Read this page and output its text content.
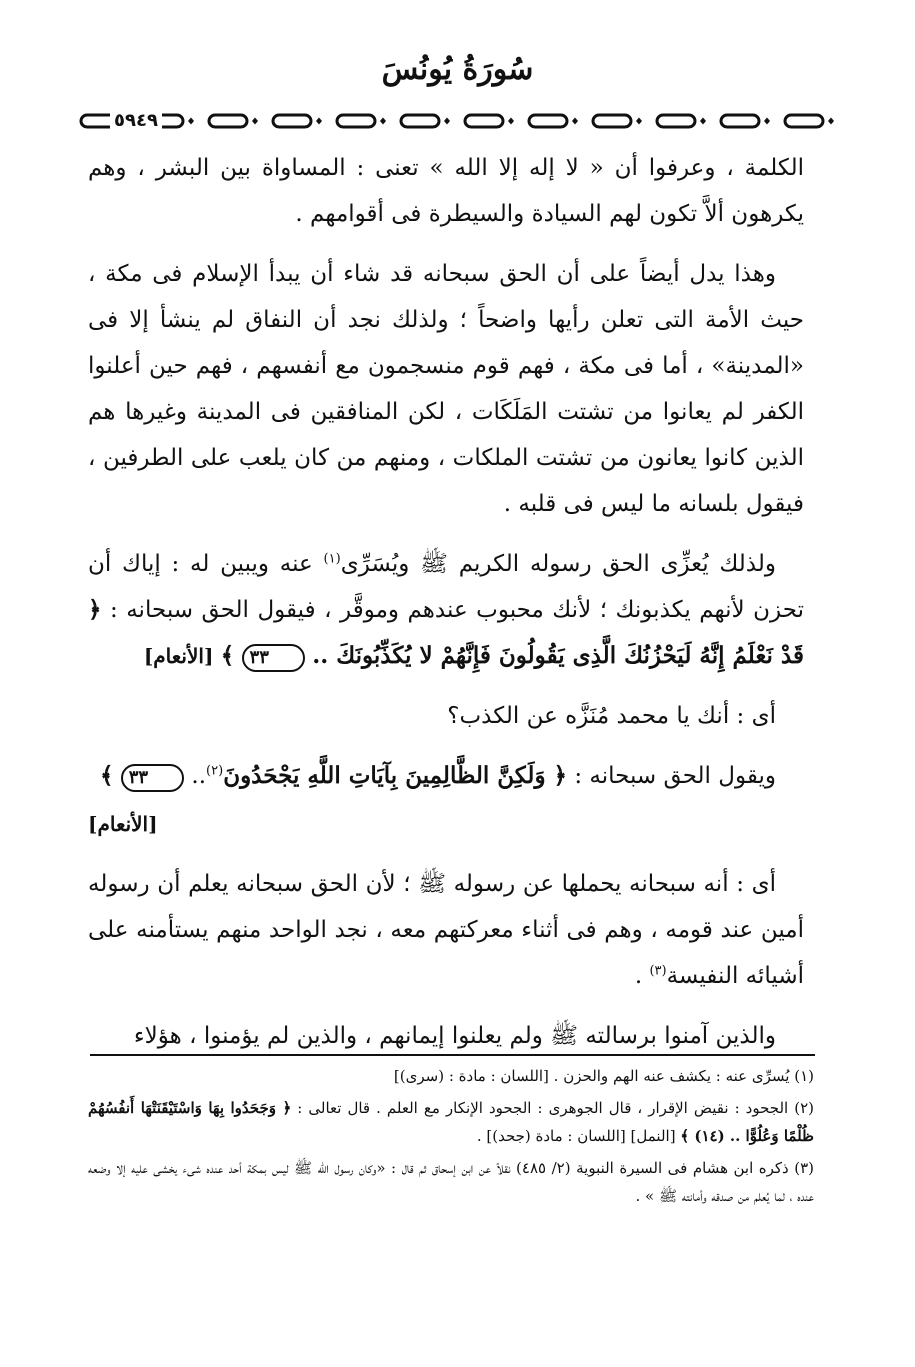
سُورَةُ يُونُسَ
٥٩٤٩

الكلمة ، وعرفوا أن « لا إله إلا الله » تعنى : المساواة بين البشر ، وهم يكرهون ألاَّ تكون لهم السيادة والسيطرة فى أقوامهم .

وهذا يدل أيضاً على أن الحق سبحانه قد شاء أن يبدأ الإسلام فى مكة ، حيث الأمة التى تعلن رأيها واضحاً ؛ ولذلك نجد أن النفاق لم ينشأ إلا فى «المدينة» ، أما فى مكة ، فهم قوم منسجمون مع أنفسهم ، فهم حين أعلنوا الكفر لم يعانوا من تشتت المَلَكَات ، لكن المنافقين فى المدينة وغيرها هم الذين كانوا يعانون من تشتت الملكات ، ومنهم من كان يلعب على الطرفين ، فيقول بلسانه ما ليس فى قلبه .

ولذلك يُعزِّى الحق رسوله الكريم ﷺ ويُسَرِّى$^{(١)}$ عنه ويبين له : إياك أن تحزن لأنهم يكذبونك ؛ لأنك محبوب عندهم وموقَّر ، فيقول الحق سبحانه : ﴿ قَدْ نَعْلَمُ إِنَّهُ لَيَحْزُنُكَ الَّذِى يَقُولُونَ فَإِنَّهُمْ لا يُكَذِّبُونَكَ .. ٣٣ ﴾ [الأنعام]

أى : أنك يا محمد مُنَزَّه عن الكذب؟

ويقول الحق سبحانه : ﴿ وَلَكِنَّ الظَّالِمِينَ بِآيَاتِ اللَّهِ يَجْحَدُونَ$^{(٢)}$.. ٣٣ ﴾

[الأنعام]

أى : أنه سبحانه يحملها عن رسوله ﷺ ؛ لأن الحق سبحانه يعلم أن رسوله أمين عند قومه ، وهم فى أثناء معركتهم معه ، نجد الواحد منهم يستأمنه على أشيائه النفيسة$^{(٣)}$ .

والذين آمنوا برسالته ﷺ ولم يعلنوا إيمانهم ، والذين لم يؤمنوا ، هؤلاء

(١) يُسرِّى عنه : يكشف عنه الهم والحزن . [اللسان : مادة : (سرى)]

(٢) الجحود : نقيض الإقرار ، قال الجوهرى : الجحود الإنكار مع العلم . قال تعالى : ﴿ وَجَحَدُوا بِهَا وَاسْتَيْقَنَتْهَا أَنفُسُهُمْ ظُلْمًا وَعُلُوًّا .. (١٤) ﴾ [النمل] [اللسان : مادة (جحد)] .

(٣) ذكره ابن هشام فى السيرة النبوية (٢/ ٤٨٥) نقلاً عن ابن إسحاق ثم قال : «وكان رسول الله ﷺ ليس بمكة أحد عنده شىء يخشى عليه إلا وضعه عنده ، لما يُعلم من صدقه وأمانته ﷺ » .
